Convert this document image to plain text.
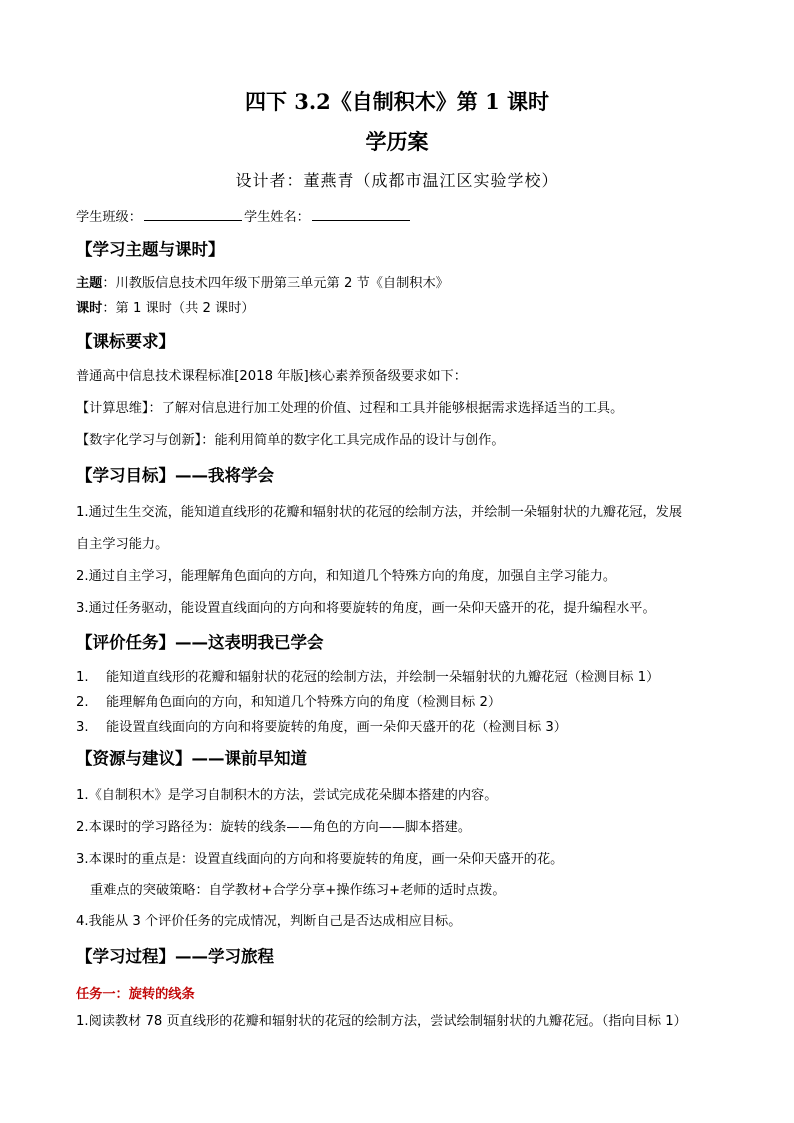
四下 3.2《自制积木》第 1 课时
学历案
设计者：董燕青（成都市温江区实验学校）
学生班级：	学生姓名：
【学习主题与课时】
主题：川教版信息技术四年级下册第三单元第 2 节《自制积木》
课时：第 1 课时（共 2 课时）
【课标要求】
普通高中信息技术课程标准[2018 年版]核心素养预备级要求如下：
【计算思维】：了解对信息进行加工处理的价值、过程和工具并能够根据需求选择适当的工具。
【数字化学习与创新】：能利用简单的数字化工具完成作品的设计与创作。
【学习目标】——我将学会
1.通过生生交流，能知道直线形的花瓣和辐射状的花冠的绘制方法，并绘制一朵辐射状的九瓣花冠，发展
自主学习能力。
2.通过自主学习，能理解角色面向的方向，和知道几个特殊方向的角度，加强自主学习能力。
3.通过任务驱动，能设置直线面向的方向和将要旋转的角度，画一朵仰天盛开的花，提升编程水平。
【评价任务】——这表明我已学会
1. 能知道直线形的花瓣和辐射状的花冠的绘制方法，并绘制一朵辐射状的九瓣花冠（检测目标 1）
2. 能理解角色面向的方向，和知道几个特殊方向的角度（检测目标 2）
3. 能设置直线面向的方向和将要旋转的角度，画一朵仰天盛开的花（检测目标 3）
【资源与建议】——课前早知道
1.《自制积木》是学习自制积木的方法，尝试完成花朵脚本搭建的内容。
2.本课时的学习路径为：旋转的线条——角色的方向——脚本搭建。
3.本课时的重点是：设置直线面向的方向和将要旋转的角度，画一朵仰天盛开的花。
重难点的突破策略：自学教材+合学分享+操作练习+老师的适时点拨。
4.我能从 3 个评价任务的完成情况，判断自己是否达成相应目标。
【学习过程】——学习旅程
任务一：旋转的线条
1.阅读教材 78 页直线形的花瓣和辐射状的花冠的绘制方法，尝试绘制辐射状的九瓣花冠。（指向目标 1）
